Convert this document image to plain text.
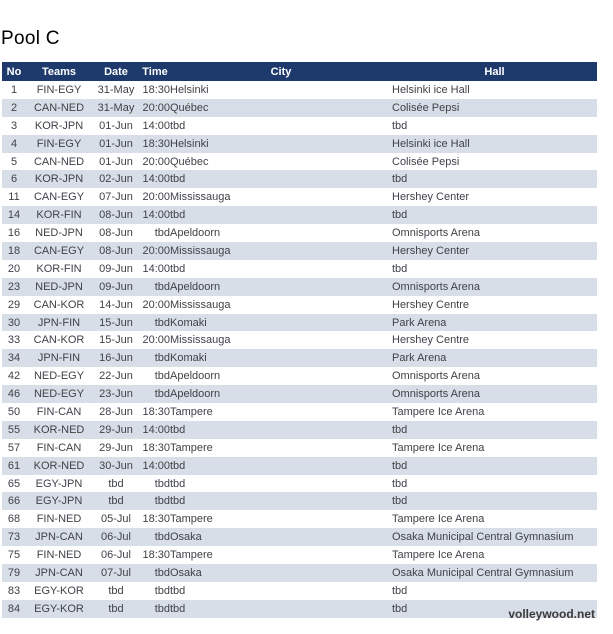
Pool C
No	Teams	Date	Time	City	Hall
1	FIN-EGY	31-May	18:30	Helsinki	Helsinki ice Hall
2	CAN-NED	31-May	20:00	Québec	Colisée Pepsi
3	KOR-JPN	01-Jun	14:00	tbd	tbd
4	FIN-EGY	01-Jun	18:30	Helsinki	Helsinki ice Hall
5	CAN-NED	01-Jun	20:00	Québec	Colisée Pepsi
6	KOR-JPN	02-Jun	14:00	tbd	tbd
11	CAN-EGY	07-Jun	20:00	Mississauga	Hershey Center
14	KOR-FIN	08-Jun	14:00	tbd	tbd
16	NED-JPN	08-Jun	tbd	Apeldoorn	Omnisports Arena
18	CAN-EGY	08-Jun	20:00	Mississauga	Hershey Center
20	KOR-FIN	09-Jun	14:00	tbd	tbd
23	NED-JPN	09-Jun	tbd	Apeldoorn	Omnisports Arena
29	CAN-KOR	14-Jun	20:00	Mississauga	Hershey Centre
30	JPN-FIN	15-Jun	tbd	Komaki	Park Arena
33	CAN-KOR	15-Jun	20:00	Mississauga	Hershey Centre
34	JPN-FIN	16-Jun	tbd	Komaki	Park Arena
42	NED-EGY	22-Jun	tbd	Apeldoorn	Omnisports Arena
46	NED-EGY	23-Jun	tbd	Apeldoorn	Omnisports Arena
50	FIN-CAN	28-Jun	18:30	Tampere	Tampere Ice Arena
55	KOR-NED	29-Jun	14:00	tbd	tbd
57	FIN-CAN	29-Jun	18:30	Tampere	Tampere Ice Arena
61	KOR-NED	30-Jun	14:00	tbd	tbd
65	EGY-JPN	tbd	tbd	tbd	tbd
66	EGY-JPN	tbd	tbd	tbd	tbd
68	FIN-NED	05-Jul	18:30	Tampere	Tampere Ice Arena
73	JPN-CAN	06-Jul	tbd	Osaka	Osaka Municipal Central Gymnasium
75	FIN-NED	06-Jul	18:30	Tampere	Tampere Ice Arena
79	JPN-CAN	07-Jul	tbd	Osaka	Osaka Municipal Central Gymnasium
83	EGY-KOR	tbd	tbd	tbd	tbd
84	EGY-KOR	tbd	tbd	tbd	tbd	volleywood.net
